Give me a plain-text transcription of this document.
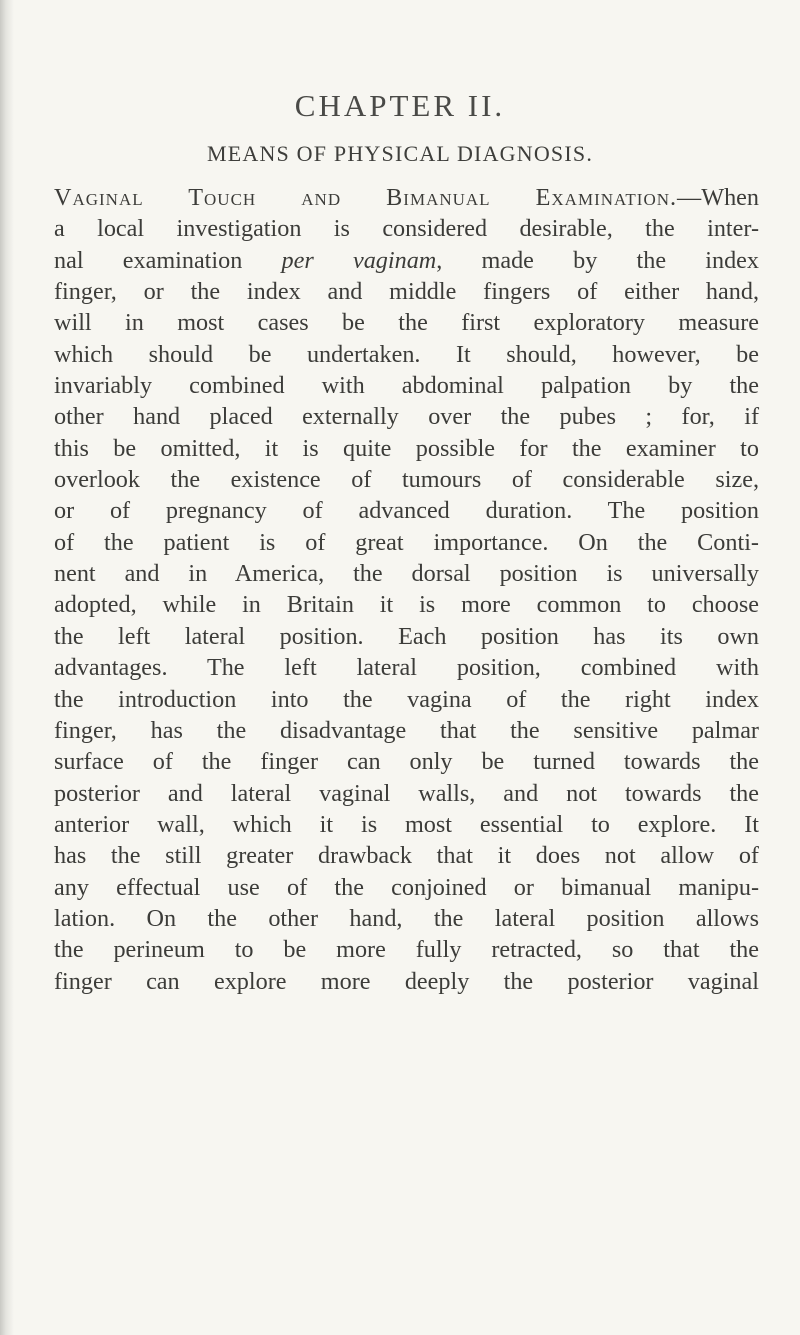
CHAPTER II.
MEANS OF PHYSICAL DIAGNOSIS.
Vaginal Touch and Bimanual Examination.—When
a local investigation is considered desirable, the inter-
nal examination per vaginam, made by the index
finger, or the index and middle fingers of either hand,
will in most cases be the first exploratory measure
which should be undertaken. It should, however, be
invariably combined with abdominal palpation by the
other hand placed externally over the pubes ; for, if
this be omitted, it is quite possible for the examiner to
overlook the existence of tumours of considerable size,
or of pregnancy of advanced duration. The position
of the patient is of great importance. On the Conti-
nent and in America, the dorsal position is universally
adopted, while in Britain it is more common to choose
the left lateral position. Each position has its own
advantages. The left lateral position, combined with
the introduction into the vagina of the right index
finger, has the disadvantage that the sensitive palmar
surface of the finger can only be turned towards the
posterior and lateral vaginal walls, and not towards the
anterior wall, which it is most essential to explore. It
has the still greater drawback that it does not allow of
any effectual use of the conjoined or bimanual manipu-
lation. On the other hand, the lateral position allows
the perineum to be more fully retracted, so that the
finger can explore more deeply the posterior vaginal
